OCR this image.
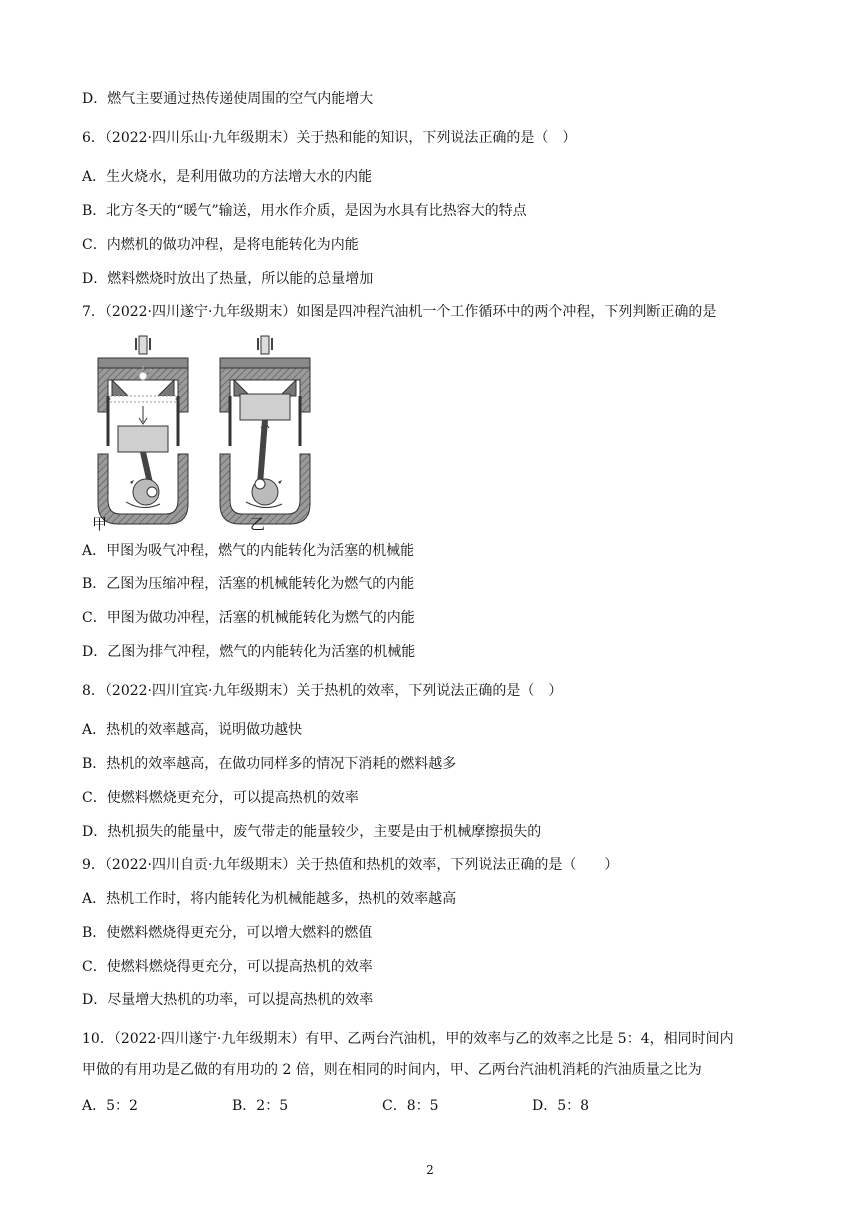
D．燃气主要通过热传递使周围的空气内能增大
6．（2022·四川乐山·九年级期末）关于热和能的知识，下列说法正确的是（　）
A．生火烧水，是利用做功的方法增大水的内能
B．北方冬天的“暖气”输送，用水作介质，是因为水具有比热容大的特点
C．内燃机的做功冲程，是将电能转化为内能
D．燃料燃烧时放出了热量，所以能的总量增加
7．（2022·四川遂宁·九年级期末）如图是四冲程汽油机一个工作循环中的两个冲程，下列判断正确的是
甲	乙
A．甲图为吸气冲程，燃气的内能转化为活塞的机械能
B．乙图为压缩冲程，活塞的机械能转化为燃气的内能
C．甲图为做功冲程，活塞的机械能转化为燃气的内能
D．乙图为排气冲程，燃气的内能转化为活塞的机械能
8．（2022·四川宜宾·九年级期末）关于热机的效率，下列说法正确的是（　）
A．热机的效率越高，说明做功越快
B．热机的效率越高，在做功同样多的情况下消耗的燃料越多
C．使燃料燃烧更充分，可以提高热机的效率
D．热机损失的能量中，废气带走的能量较少，主要是由于机械摩擦损失的
9．（2022·四川自贡·九年级期末）关于热值和热机的效率，下列说法正确的是（　　）
A．热机工作时，将内能转化为机械能越多，热机的效率越高
B．使燃料燃烧得更充分，可以增大燃料的燃值
C．使燃料燃烧得更充分，可以提高热机的效率
D．尽量增大热机的功率，可以提高热机的效率
10．（2022·四川遂宁·九年级期末）有甲、乙两台汽油机，甲的效率与乙的效率之比是 5：4，相同时间内
甲做的有用功是乙做的有用功的 2 倍，则在相同的时间内，甲、乙两台汽油机消耗的汽油质量之比为
A．5：2	B．2：5	C．8：5	D．5：8
2
